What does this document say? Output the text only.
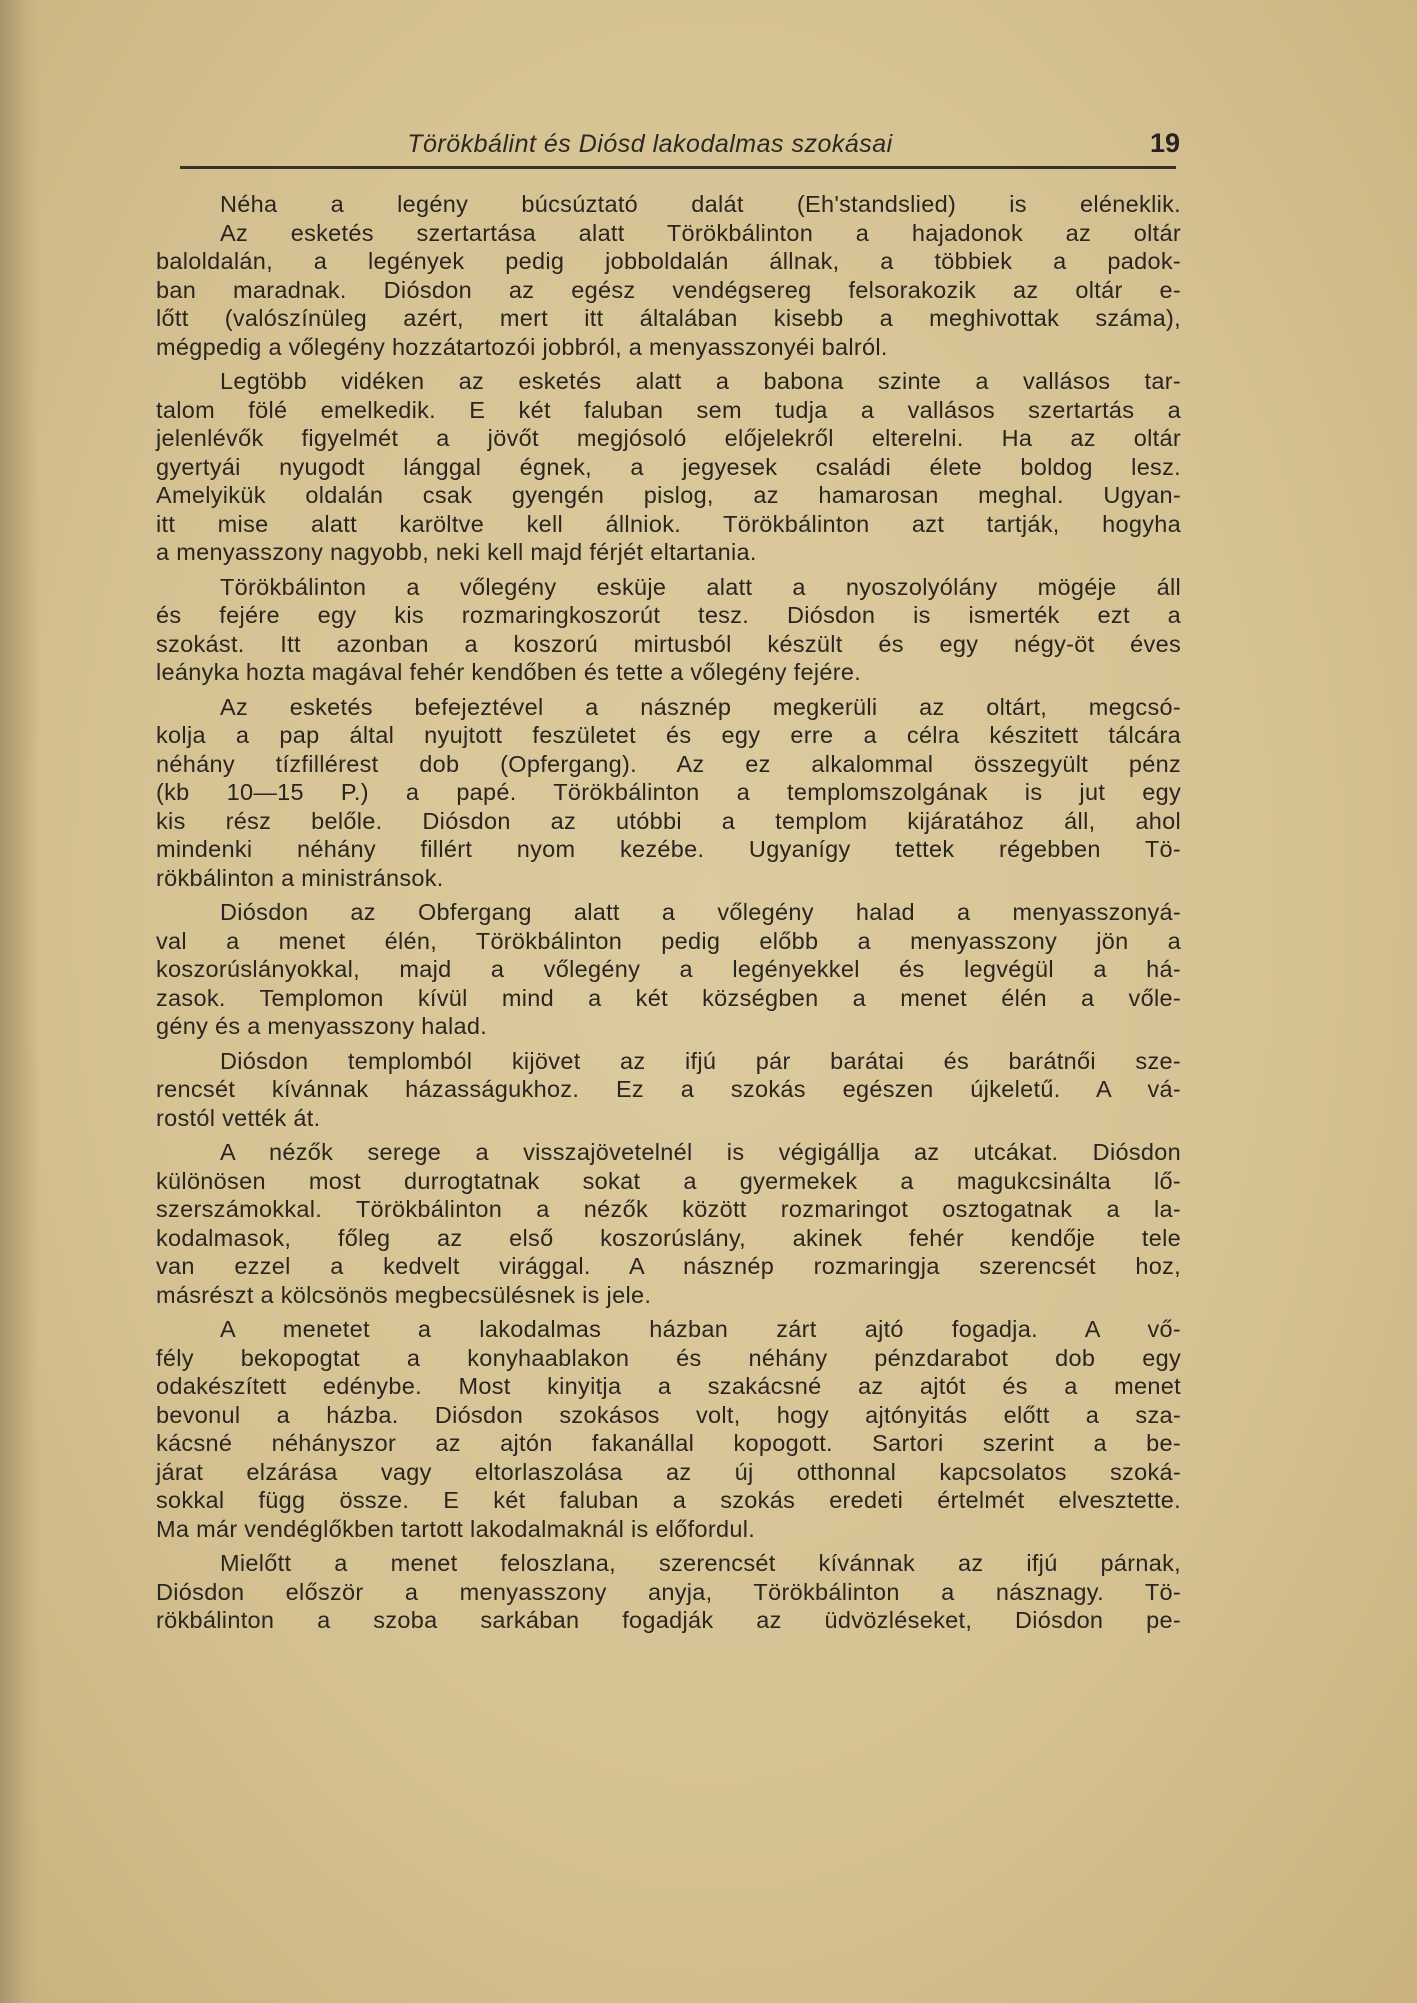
Törökbálint és Diósd lakodalmas szokásai	19
Néha a legény búcsúztató dalát (Eh'standslied) is eléneklik.
Az esketés szertartása alatt Törökbálinton a hajadonok az oltár
baloldalán, a legények pedig jobboldalán állnak, a többiek a padok-
ban maradnak. Diósdon az egész vendégsereg felsorakozik az oltár e-
lőtt (valószínüleg azért, mert itt általában kisebb a meghivottak száma),
mégpedig a vőlegény hozzátartozói jobbról, a menyasszonyéi balról.
Legtöbb vidéken az esketés alatt a babona szinte a vallásos tar-
talom fölé emelkedik. E két faluban sem tudja a vallásos szertartás a
jelenlévők figyelmét a jövőt megjósoló előjelekről elterelni. Ha az oltár
gyertyái nyugodt lánggal égnek, a jegyesek családi élete boldog lesz.
Amelyikük oldalán csak gyengén pislog, az hamarosan meghal. Ugyan-
itt mise alatt karöltve kell állniok. Törökbálinton azt tartják, hogyha
a menyasszony nagyobb, neki kell majd férjét eltartania.
Törökbálinton a vőlegény esküje alatt a nyoszolyólány mögéje áll
és fejére egy kis rozmaringkoszorút tesz. Diósdon is ismerték ezt a
szokást. Itt azonban a koszorú mirtusból készült és egy négy-öt éves
leányka hozta magával fehér kendőben és tette a vőlegény fejére.
Az esketés befejeztével a násznép megkerüli az oltárt, megcsó-
kolja a pap által nyujtott feszületet és egy erre a célra készitett tálcára
néhány tízfillérest dob (Opfergang). Az ez alkalommal összegyült pénz
(kb 10—15 P.) a papé. Törökbálinton a templomszolgának is jut egy
kis rész belőle. Diósdon az utóbbi a templom kijáratához áll, ahol
mindenki néhány fillért nyom kezébe. Ugyanígy tettek régebben Tö-
rökbálinton a ministránsok.
Diósdon az Obfergang alatt a vőlegény halad a menyasszonyá-
val a menet élén, Törökbálinton pedig előbb a menyasszony jön a
koszorúslányokkal, majd a vőlegény a legényekkel és legvégül a há-
zasok. Templomon kívül mind a két községben a menet élén a vőle-
gény és a menyasszony halad.
Diósdon templomból kijövet az ifjú pár barátai és barátnői sze-
rencsét kívánnak házasságukhoz. Ez a szokás egészen újkeletű. A vá-
rostól vették át.
A nézők serege a visszajövetelnél is végigállja az utcákat. Diósdon
különösen most durrogtatnak sokat a gyermekek a magukcsinálta lő-
szerszámokkal. Törökbálinton a nézők között rozmaringot osztogatnak a la-
kodalmasok, főleg az első koszorúslány, akinek fehér kendője tele
van ezzel a kedvelt virággal. A násznép rozmaringja szerencsét hoz,
másrészt a kölcsönös megbecsülésnek is jele.
A menetet a lakodalmas házban zárt ajtó fogadja. A vő-
fély bekopogtat a konyhaablakon és néhány pénzdarabot dob egy
odakészített edénybe. Most kinyitja a szakácsné az ajtót és a menet
bevonul a házba. Diósdon szokásos volt, hogy ajtónyitás előtt a sza-
kácsné néhányszor az ajtón fakanállal kopogott. Sartori szerint a be-
járat elzárása vagy eltorlaszolása az új otthonnal kapcsolatos szoká-
sokkal függ össze. E két faluban a szokás eredeti értelmét elvesztette.
Ma már vendéglőkben tartott lakodalmaknál is előfordul.
Mielőtt a menet feloszlana, szerencsét kívánnak az ifjú párnak,
Diósdon először a menyasszony anyja, Törökbálinton a násznagy. Tö-
rökbálinton a szoba sarkában fogadják az üdvözléseket, Diósdon pe-
